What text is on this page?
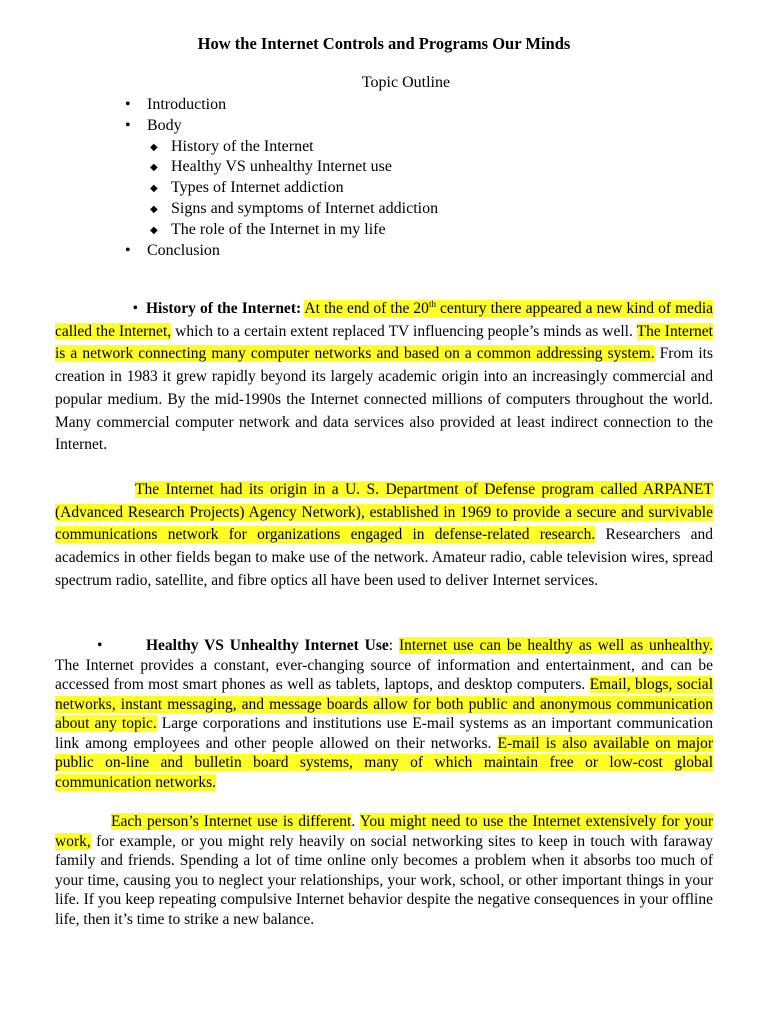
How the Internet Controls and Programs Our Minds

Topic Outline

• Introduction
• Body
◆ History of the Internet
◆ Healthy VS unhealthy Internet use
◆ Types of Internet addiction
◆ Signs and symptoms of Internet addiction
◆ The role of the Internet in my life
• Conclusion

• History of the Internet: At the end of the 20th century there appeared a new kind of media called the Internet, which to a certain extent replaced TV influencing people’s minds as well. The Internet is a network connecting many computer networks and based on a common addressing system. From its creation in 1983 it grew rapidly beyond its largely academic origin into an increasingly commercial and popular medium. By the mid-1990s the Internet connected millions of computers throughout the world. Many commercial computer network and data services also provided at least indirect connection to the Internet.

The Internet had its origin in a U. S. Department of Defense program called ARPANET (Advanced Research Projects) Agency Network), established in 1969 to provide a secure and survivable communications network for organizations engaged in defense-related research. Researchers and academics in other fields began to make use of the network. Amateur radio, cable television wires, spread spectrum radio, satellite, and fibre optics all have been used to deliver Internet services.

•	Healthy VS Unhealthy Internet Use: Internet use can be healthy as well as unhealthy. The Internet provides a constant, ever-changing source of information and entertainment, and can be accessed from most smart phones as well as tablets, laptops, and desktop computers. Email, blogs, social networks, instant messaging, and message boards allow for both public and anonymous communication about any topic. Large corporations and institutions use E-mail systems as an important communication link among employees and other people allowed on their networks. E-mail is also available on major public on-line and bulletin board systems, many of which maintain free or low-cost global communication networks.

Each person’s Internet use is different. You might need to use the Internet extensively for your work, for example, or you might rely heavily on social networking sites to keep in touch with faraway family and friends. Spending a lot of time online only becomes a problem when it absorbs too much of your time, causing you to neglect your relationships, your work, school, or other important things in your life. If you keep repeating compulsive Internet behavior despite the negative consequences in your offline life, then it’s time to strike a new balance.
